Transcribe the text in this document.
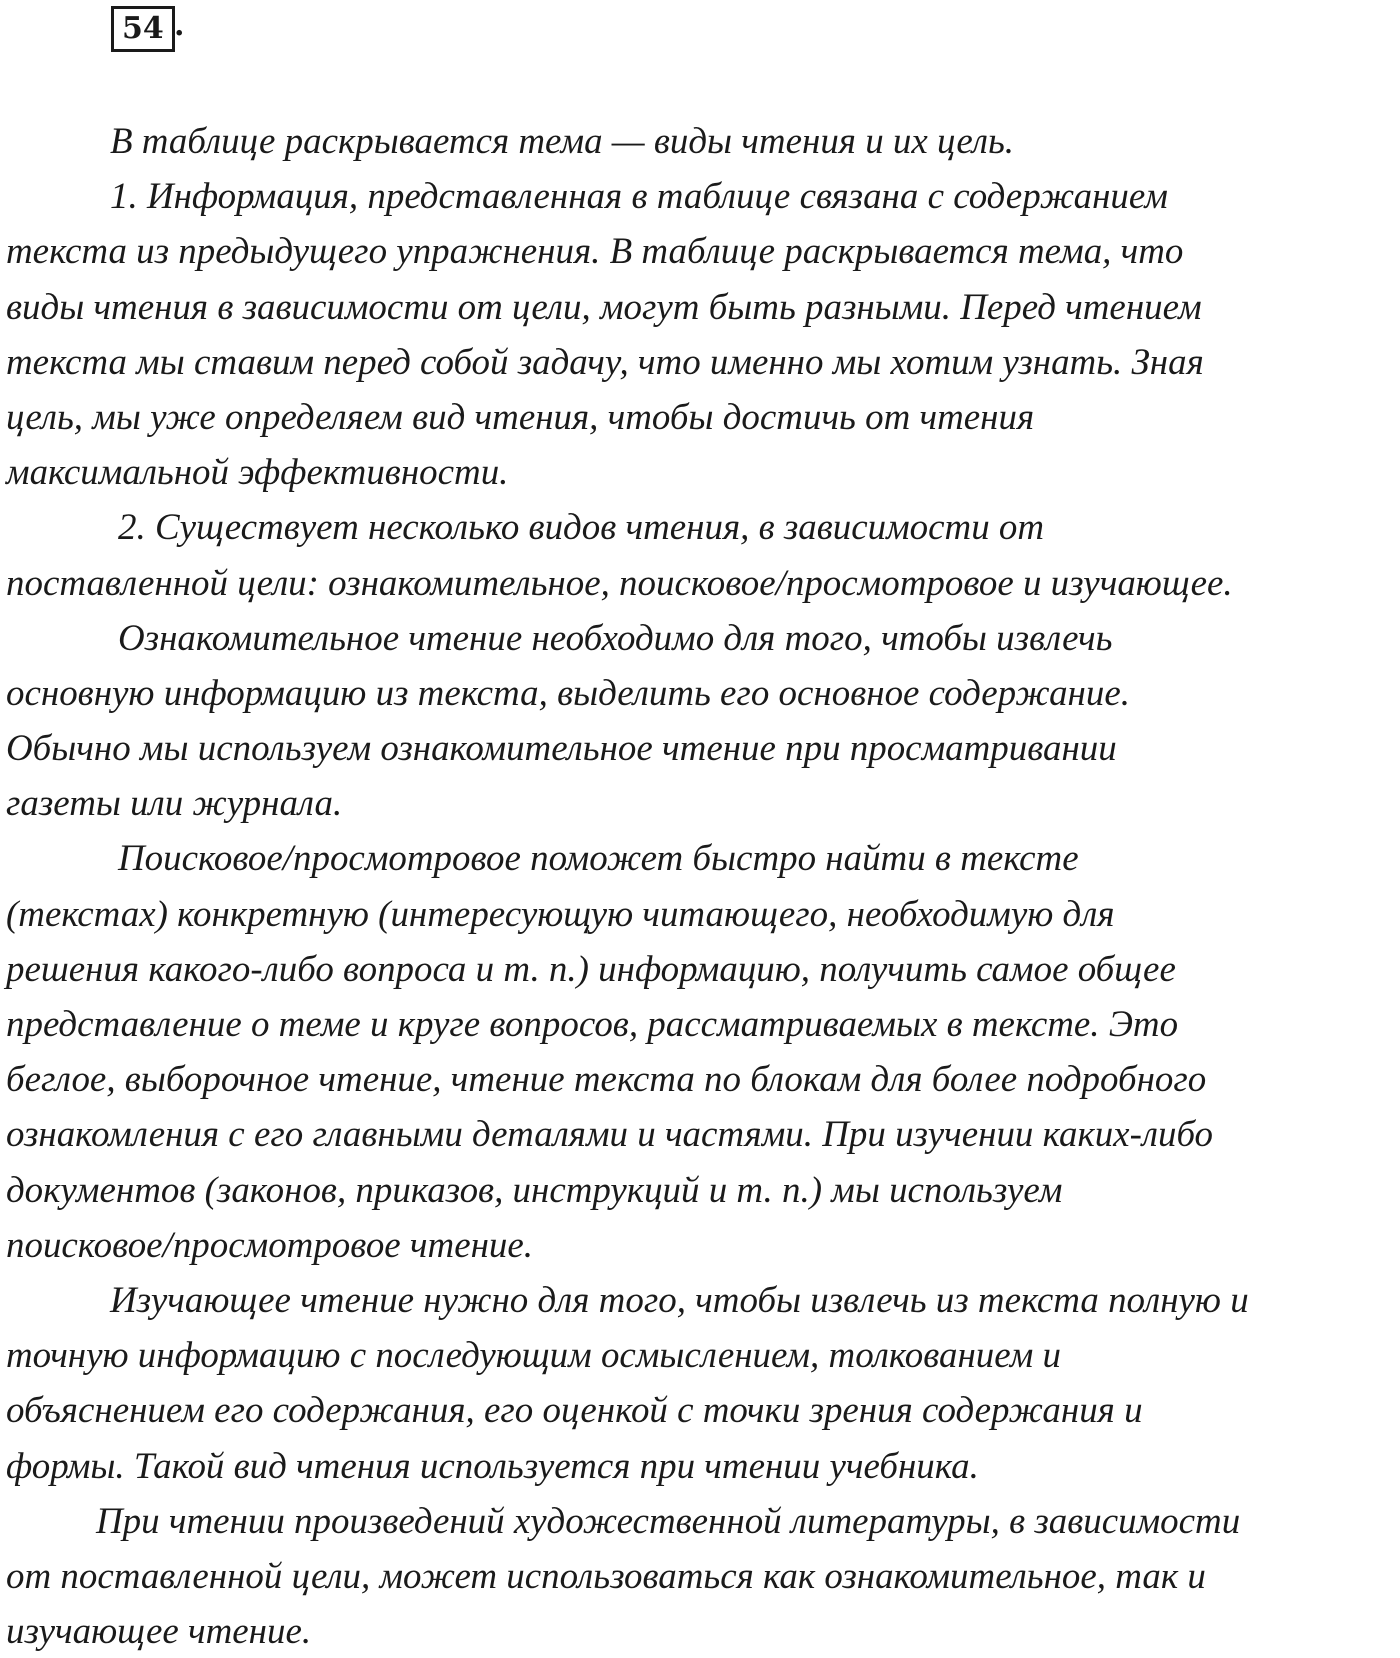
54 .
В таблице раскрывается тема — виды чтения и их цель.
1. Информация, представленная в таблице связана с содержанием
текста из предыдущего упражнения. В таблице раскрывается тема, что
виды чтения в зависимости от цели, могут быть разными. Перед чтением
текста мы ставим перед собой задачу, что именно мы хотим узнать. Зная
цель, мы уже определяем вид чтения, чтобы достичь от чтения
максимальной эффективности.
2. Существует несколько видов чтения, в зависимости от
поставленной цели: ознакомительное, поисковое/просмотровое и изучающее.
Ознакомительное чтение необходимо для того, чтобы извлечь
основную информацию из текста, выделить его основное содержание.
Обычно мы используем ознакомительное чтение при просматривании
газеты или журнала.
Поисковое/просмотровое поможет быстро найти в тексте
(текстах) конкретную (интересующую читающего, необходимую для
решения какого-либо вопроса и т. п.) информацию, получить самое общее
представление о теме и круге вопросов, рассматриваемых в тексте. Это
беглое, выборочное чтение, чтение текста по блокам для более подробного
ознакомления с его главными деталями и частями. При изучении каких-либо
документов (законов, приказов, инструкций и т. п.) мы используем
поисковое/просмотровое чтение.
Изучающее чтение нужно для того, чтобы извлечь из текста полную и
точную информацию с последующим осмыслением, толкованием и
объяснением его содержания, его оценкой с точки зрения содержания и
формы. Такой вид чтения используется при чтении учебника.
При чтении произведений художественной литературы, в зависимости
от поставленной цели, может использоваться как ознакомительное, так и
изучающее чтение.
